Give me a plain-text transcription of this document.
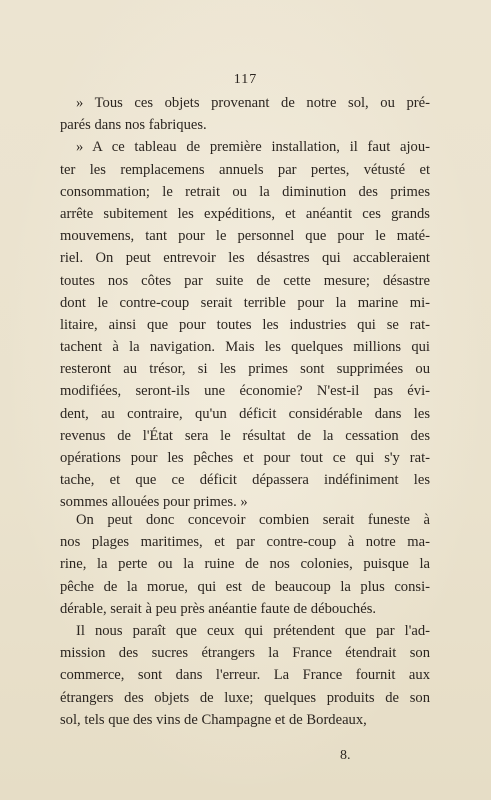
117
» Tous ces objets provenant de notre sol, ou pré-
parés dans nos fabriques.
» A ce tableau de première installation, il faut ajou-
ter les remplacemens annuels par pertes, vétusté et
consommation; le retrait ou la diminution des primes
arrête subitement les expéditions, et anéantit ces grands
mouvemens, tant pour le personnel que pour le maté-
riel. On peut entrevoir les désastres qui accableraient
toutes nos côtes par suite de cette mesure; désastre
dont le contre-coup serait terrible pour la marine mi-
litaire, ainsi que pour toutes les industries qui se rat-
tachent à la navigation. Mais les quelques millions qui
resteront au trésor, si les primes sont supprimées ou
modifiées, seront-ils une économie? N'est-il pas évi-
dent, au contraire, qu'un déficit considérable dans les
revenus de l'État sera le résultat de la cessation des
opérations pour les pêches et pour tout ce qui s'y rat-
tache, et que ce déficit dépassera indéfiniment les
sommes allouées pour primes. »
On peut donc concevoir combien serait funeste à
nos plages maritimes, et par contre-coup à notre ma-
rine, la perte ou la ruine de nos colonies, puisque la
pêche de la morue, qui est de beaucoup la plus consi-
dérable, serait à peu près anéantie faute de débouchés.
Il nous paraît que ceux qui prétendent que par l'ad-
mission des sucres étrangers la France étendrait son
commerce, sont dans l'erreur. La France fournit aux
étrangers des objets de luxe; quelques produits de son
sol, tels que des vins de Champagne et de Bordeaux,
8.
